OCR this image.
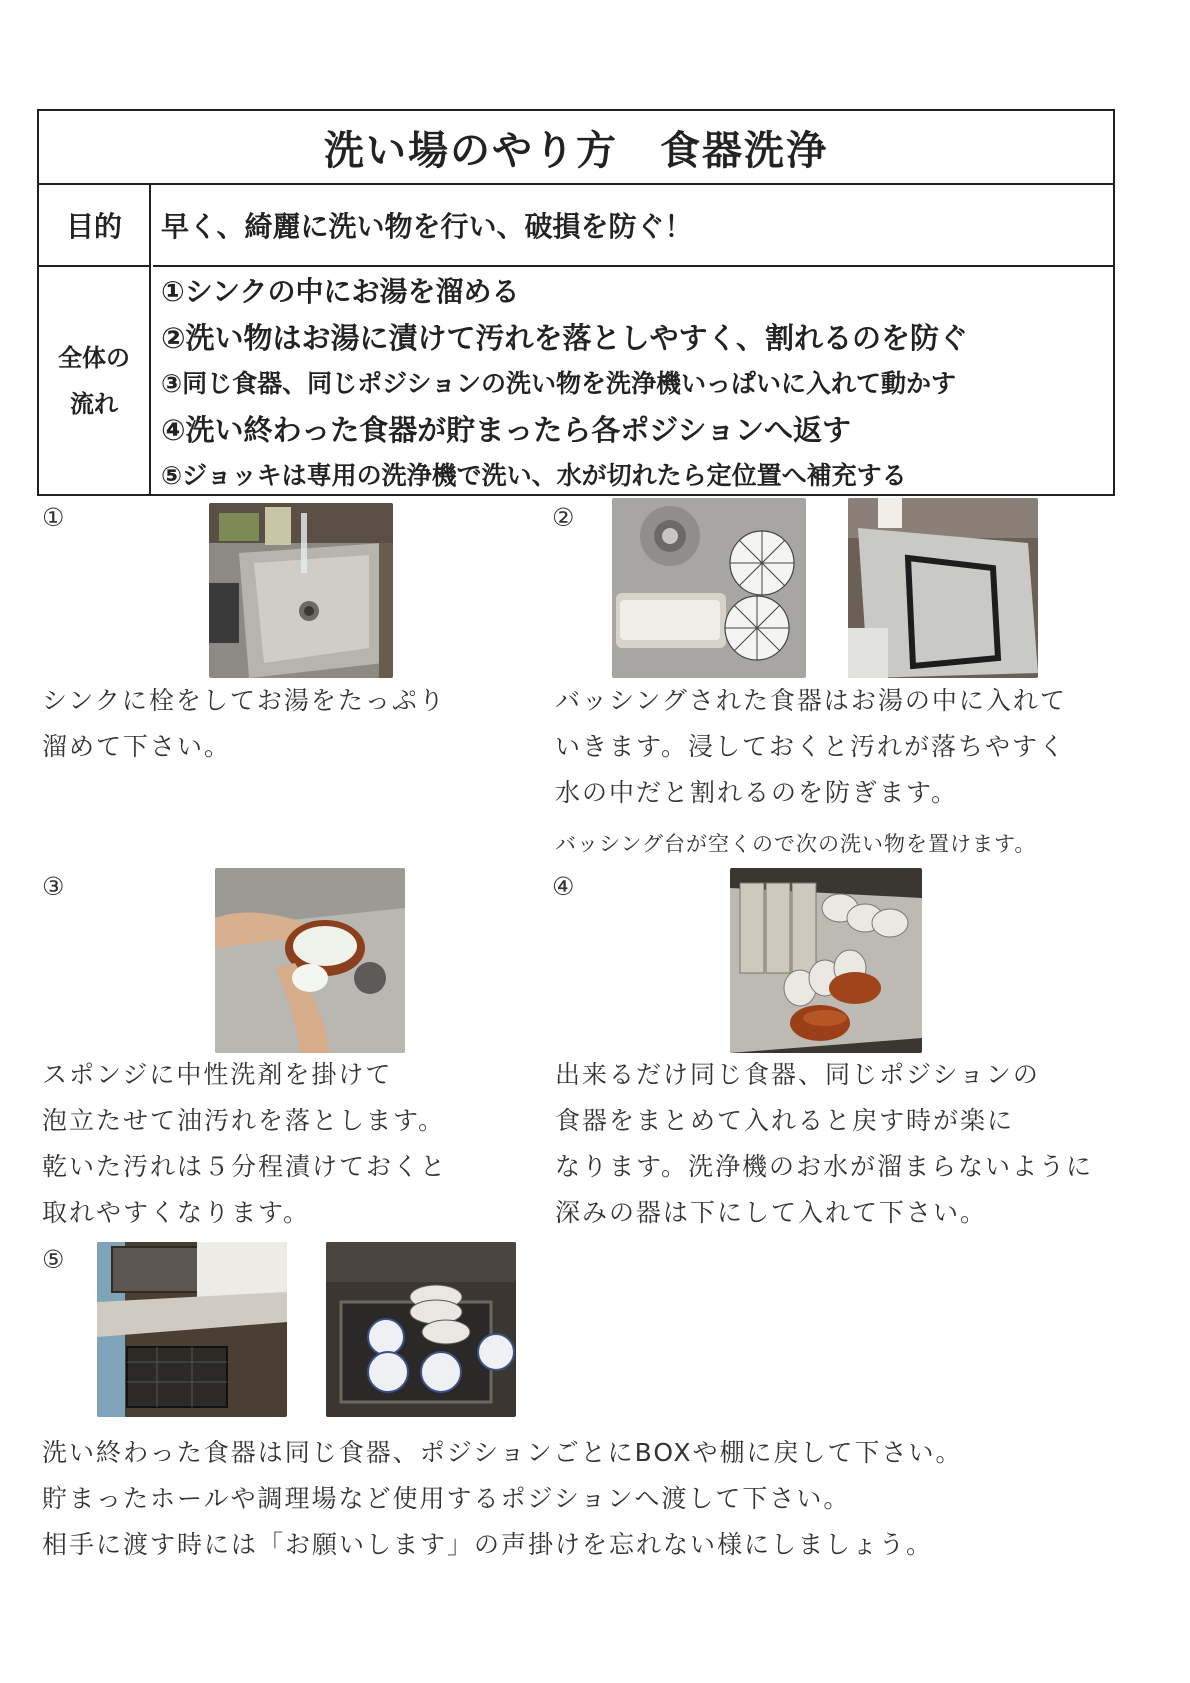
洗い場のやり方　食器洗浄
目的	早く、綺麗に洗い物を行い、破損を防ぐ！
全体の
流れ
①シンクの中にお湯を溜める
②洗い物はお湯に漬けて汚れを落としやすく、割れるのを防ぐ
③同じ食器、同じポジションの洗い物を洗浄機いっぱいに入れて動かす
④洗い終わった食器が貯まったら各ポジションへ返す
⑤ジョッキは専用の洗浄機で洗い、水が切れたら定位置へ補充する
①
シンクに栓をしてお湯をたっぷり
溜めて下さい。
②
バッシングされた食器はお湯の中に入れて
いきます。浸しておくと汚れが落ちやすく
水の中だと割れるのを防ぎます。
バッシング台が空くので次の洗い物を置けます。
③
スポンジに中性洗剤を掛けて
泡立たせて油汚れを落とします。
乾いた汚れは５分程漬けておくと
取れやすくなります。
④
出来るだけ同じ食器、同じポジションの
食器をまとめて入れると戻す時が楽に
なります。洗浄機のお水が溜まらないように
深みの器は下にして入れて下さい。
⑤
洗い終わった食器は同じ食器、ポジションごとにBOXや棚に戻して下さい。
貯まったホールや調理場など使用するポジションへ渡して下さい。
相手に渡す時には「お願いします」の声掛けを忘れない様にしましょう。
